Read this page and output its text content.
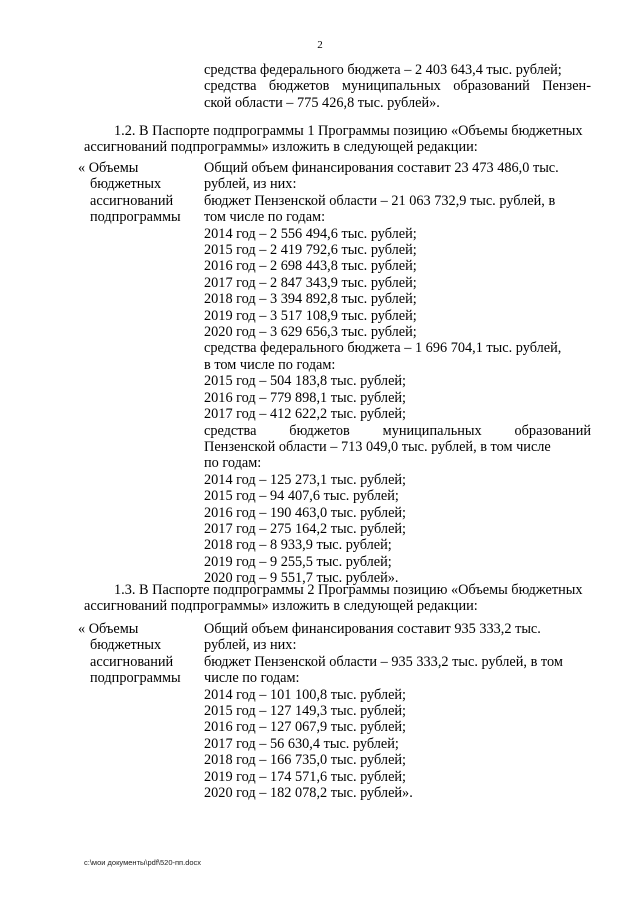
2
средства федерального бюджета – 2 403 643,4 тыс. рублей;
средства бюджетов муниципальных образований Пензен-
ской области – 775 426,8 тыс. рублей».
1.2. В Паспорте подпрограммы 1 Программы позицию «Объемы бюджетных
ассигнований подпрограммы» изложить в следующей редакции:
« Объемы
бюджетных
ассигнований
подпрограммы
Общий объем финансирования составит 23 473 486,0 тыс.
рублей, из них:
бюджет Пензенской области – 21 063 732,9 тыс. рублей, в
том числе по годам:
2014 год – 2 556 494,6 тыс. рублей;
2015 год – 2 419 792,6 тыс. рублей;
2016 год – 2 698 443,8 тыс. рублей;
2017 год – 2 847 343,9 тыс. рублей;
2018 год – 3 394 892,8 тыс. рублей;
2019 год – 3 517 108,9 тыс. рублей;
2020 год – 3 629 656,3 тыс. рублей;
средства федерального бюджета – 1 696 704,1 тыс. рублей,
в том числе по годам:
2015 год – 504 183,8 тыс. рублей;
2016 год – 779 898,1 тыс. рублей;
2017 год – 412 622,2 тыс. рублей;
средства бюджетов муниципальных образований
Пензенской области – 713 049,0 тыс. рублей, в том числе
по годам:
2014 год – 125 273,1 тыс. рублей;
2015 год – 94 407,6 тыс. рублей;
2016 год – 190 463,0 тыс. рублей;
2017 год – 275 164,2 тыс. рублей;
2018 год – 8 933,9 тыс. рублей;
2019 год – 9 255,5 тыс. рублей;
2020 год – 9 551,7 тыс. рублей».
1.3. В Паспорте подпрограммы 2 Программы позицию «Объемы бюджетных
ассигнований подпрограммы» изложить в следующей редакции:
« Объемы
бюджетных
ассигнований
подпрограммы
Общий объем финансирования составит 935 333,2 тыс.
рублей, из них:
бюджет Пензенской области – 935 333,2 тыс. рублей, в том
числе по годам:
2014 год – 101 100,8 тыс. рублей;
2015 год – 127 149,3 тыс. рублей;
2016 год – 127 067,9 тыс. рублей;
2017 год – 56 630,4 тыс. рублей;
2018 год – 166 735,0 тыс. рублей;
2019 год – 174 571,6 тыс. рублей;
2020 год – 182 078,2 тыс. рублей».
c:\мои документы\pdf\520-пп.docx
